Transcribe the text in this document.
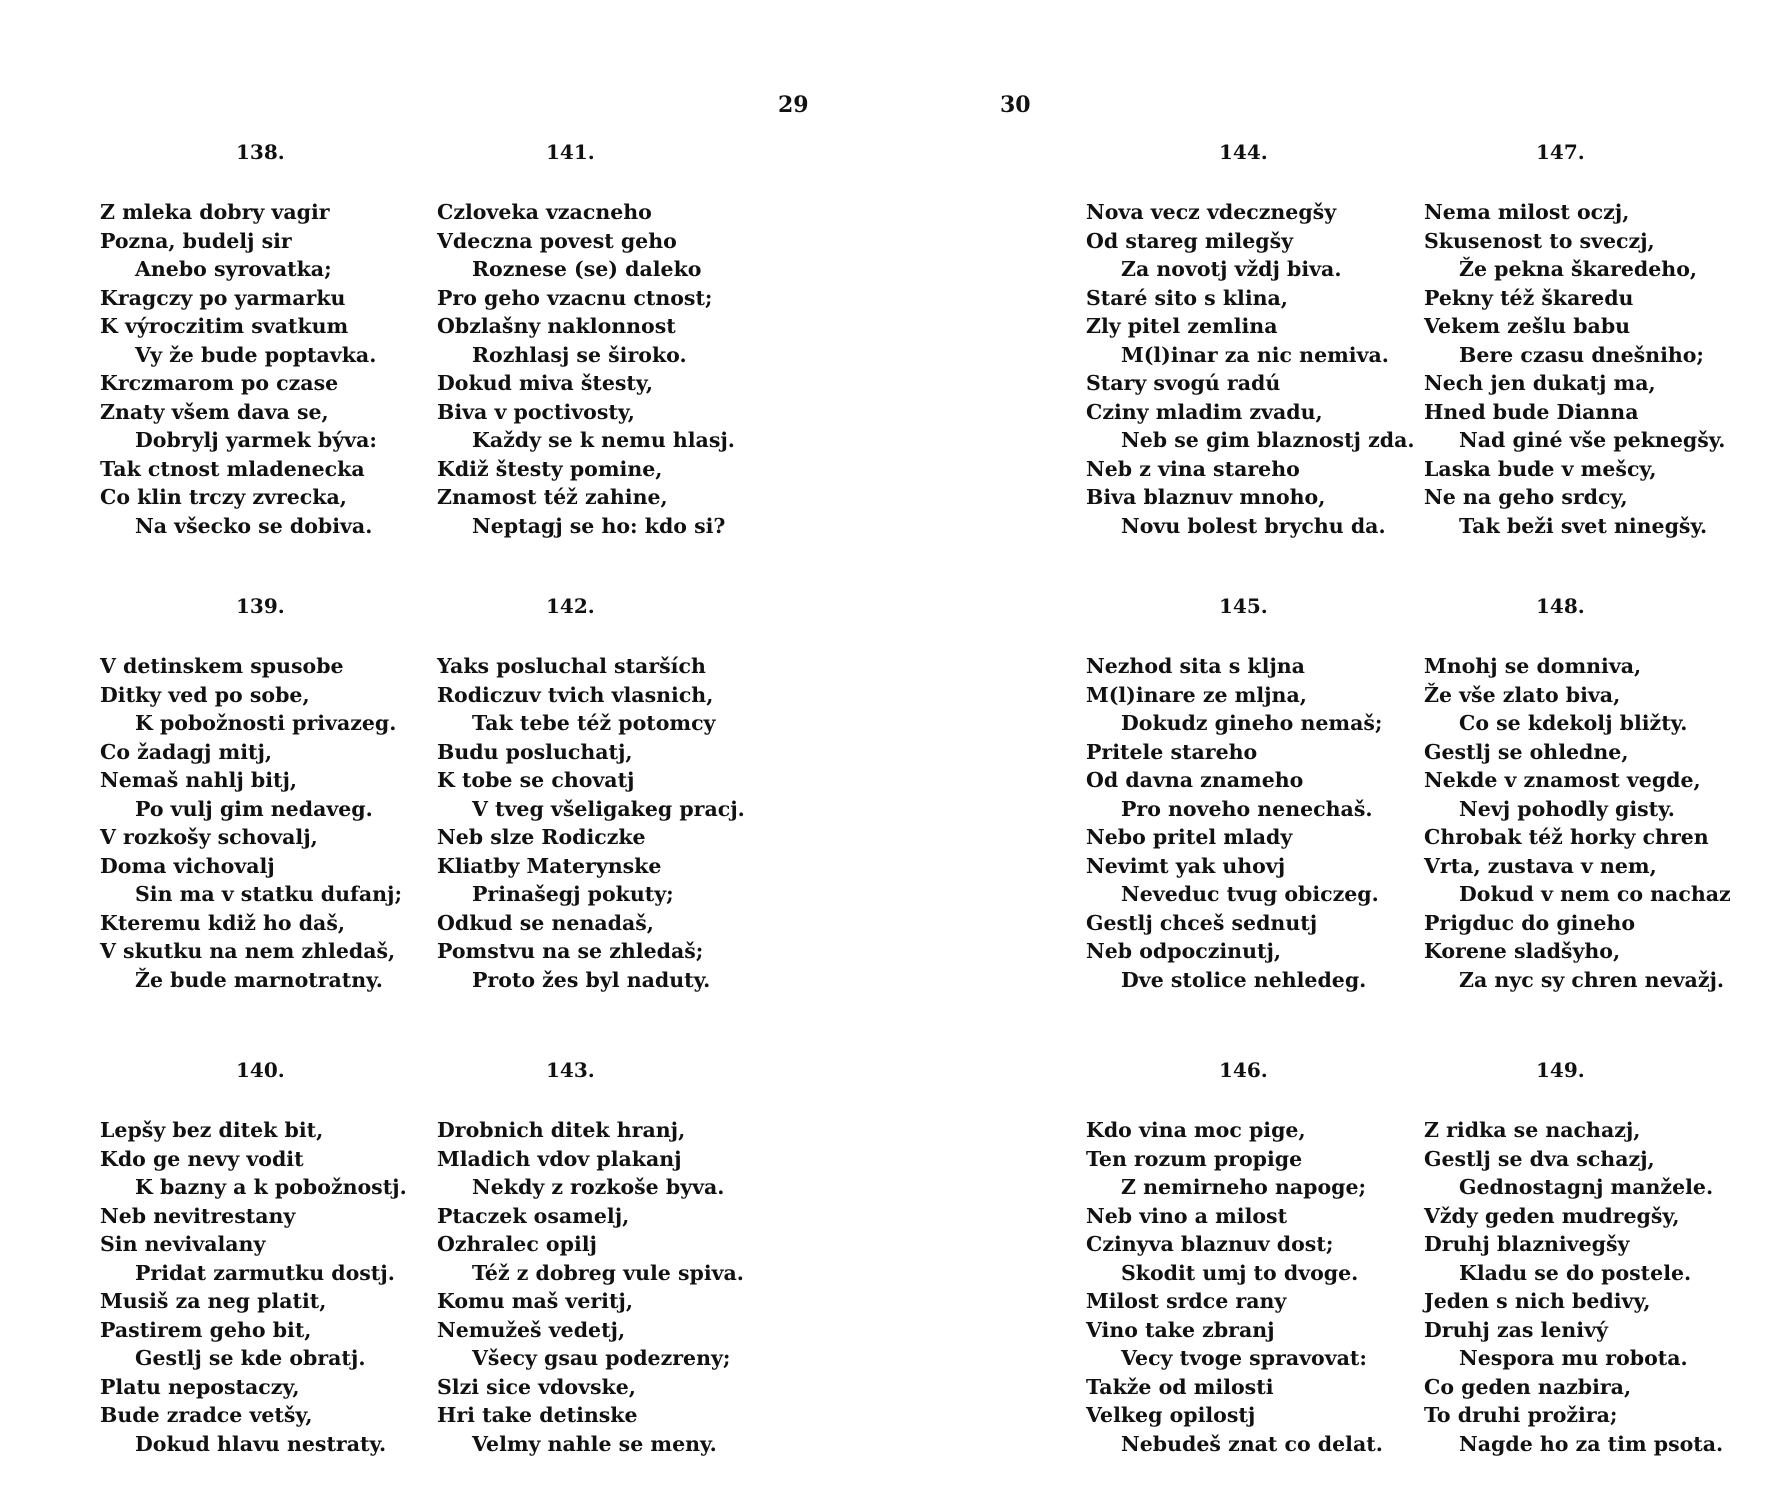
29	30
138.
Z mleka dobry vagir
Pozna, budelj sir
Anebo syrovatka;
Kragczy po yarmarku
K výroczitim svatkum
Vy že bude poptavka.
Krczmarom po czase
Znaty všem dava se,
Dobrylj yarmek býva:
Tak ctnost mladenecka
Co klin trczy zvrecka,
Na všecko se dobiva.
141.
Czloveka vzacneho
Vdeczna povest geho
Roznese (se) daleko
Pro geho vzacnu ctnost;
Obzlašny naklonnost
Rozhlasj se široko.
Dokud miva štesty,
Biva v poctivosty,
Každy se k nemu hlasj.
Kdiž štesty pomine,
Znamost též zahine,
Neptagj se ho: kdo si?
144.
Nova vecz vdecznegšy
Od stareg milegšy
Za novotj vždj biva.
Staré sito s klina,
Zly pitel zemlina
M(l)inar za nic nemiva.
Stary svogú radú
Cziny mladim zvadu,
Neb se gim blaznostj zda.
Neb z vina stareho
Biva blaznuv mnoho,
Novu bolest brychu da.
147.
Nema milost oczj,
Skusenost to sveczj,
Že pekna škaredeho,
Pekny též škaredu
Vekem zešlu babu
Bere czasu dnešniho;
Nech jen dukatj ma,
Hned bude Dianna
Nad giné vše peknegšy.
Laska bude v mešcy,
Ne na geho srdcy,
Tak beži svet ninegšy.
139.
V detinskem spusobe
Ditky ved po sobe,
K pobožnosti privazeg.
Co žadagj mitj,
Nemaš nahlj bitj,
Po vulj gim nedaveg.
V rozkošy schovalj,
Doma vichovalj
Sin ma v statku dufanj;
Kteremu kdiž ho daš,
V skutku na nem zhledaš,
Že bude marnotratny.
142.
Yaks posluchal starších
Rodiczuv tvich vlasnich,
Tak tebe též potomcy
Budu posluchatj,
K tobe se chovatj
V tveg všeligakeg pracj.
Neb slze Rodiczke
Kliatby Materynske
Prinašegj pokuty;
Odkud se nenadaš,
Pomstvu na se zhledaš;
Proto žes byl naduty.
145.
Nezhod sita s kljna
M(l)inare ze mljna,
Dokudz gineho nemaš;
Pritele stareho
Od davna znameho
Pro noveho nenechaš.
Nebo pritel mlady
Nevimt yak uhovj
Neveduc tvug obiczeg.
Gestlj chceš sednutj
Neb odpoczinutj,
Dve stolice nehledeg.
148.
Mnohj se domniva,
Že vše zlato biva,
Co se kdekolj bližty.
Gestlj se ohledne,
Nekde v znamost vegde,
Nevj pohodly gisty.
Chrobak též horky chren
Vrta, zustava v nem,
Dokud v nem co nachaz
Prigduc do gineho
Korene sladšyho,
Za nyc sy chren nevažj.
140.
Lepšy bez ditek bit,
Kdo ge nevy vodit
K bazny a k pobožnostj.
Neb nevitrestany
Sin nevivalany
Pridat zarmutku dostj.
Musiš za neg platit,
Pastirem geho bit,
Gestlj se kde obratj.
Platu nepostaczy,
Bude zradce vetšy,
Dokud hlavu nestraty.
143.
Drobnich ditek hranj,
Mladich vdov plakanj
Nekdy z rozkoše byva.
Ptaczek osamelj,
Ozhralec opilj
Též z dobreg vule spiva.
Komu maš veritj,
Nemužeš vedetj,
Všecy gsau podezreny;
Slzi sice vdovske,
Hri take detinske
Velmy nahle se meny.
146.
Kdo vina moc pige,
Ten rozum propige
Z nemirneho napoge;
Neb vino a milost
Czinyva blaznuv dost;
Skodit umj to dvoge.
Milost srdce rany
Vino take zbranj
Vecy tvoge spravovat:
Takže od milosti
Velkeg opilostj
Nebudeš znat co delat.
149.
Z ridka se nachazj,
Gestlj se dva schazj,
Gednostagnj manžele.
Vždy geden mudregšy,
Druhj blaznivegšy
Kladu se do postele.
Jeden s nich bedivy,
Druhj zas lenivý
Nespora mu robota.
Co geden nazbira,
To druhi prožira;
Nagde ho za tim psota.
